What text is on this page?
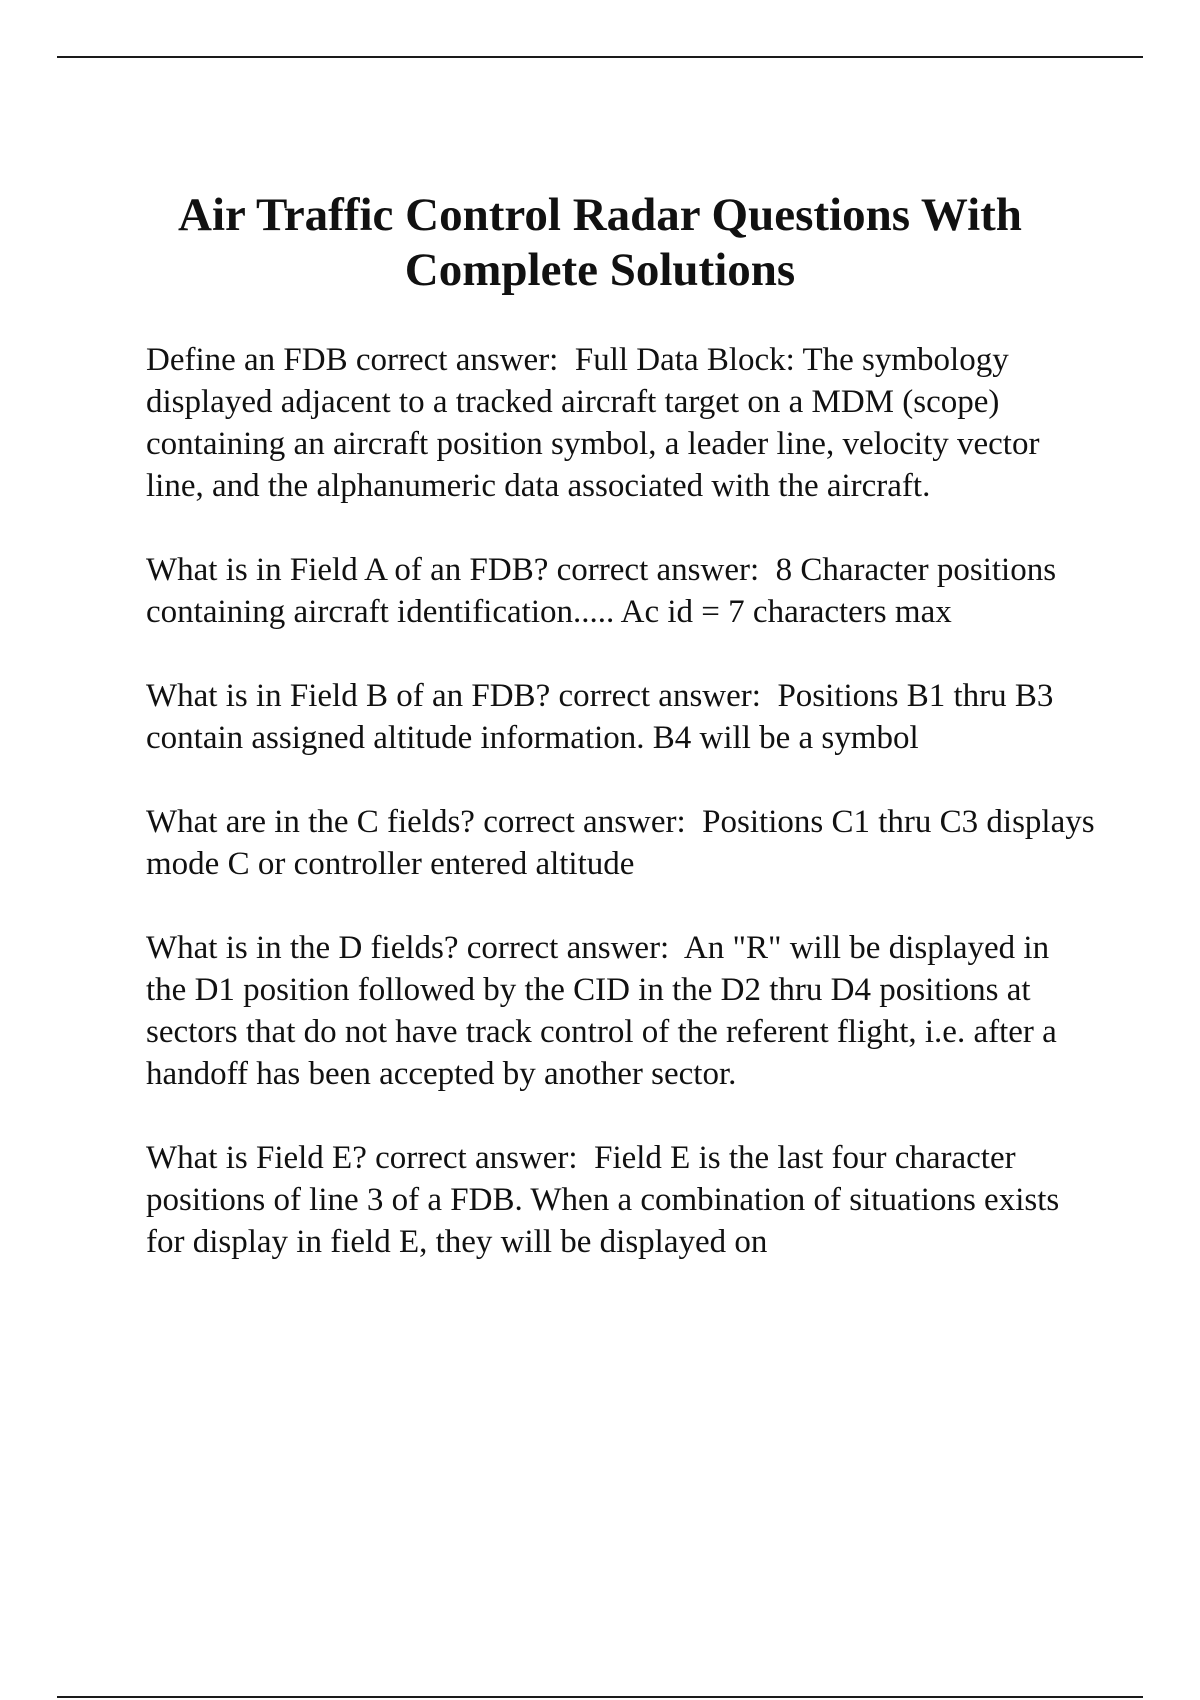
Air Traffic Control Radar Questions With Complete Solutions

Define an FDB correct answer:  Full Data Block: The symbology displayed adjacent to a tracked aircraft target on a MDM (scope) containing an aircraft position symbol, a leader line, velocity vector line, and the alphanumeric data associated with the aircraft.

What is in Field A of an FDB? correct answer:  8 Character positions containing aircraft identification..... Ac id = 7 characters max

What is in Field B of an FDB? correct answer:  Positions B1 thru B3 contain assigned altitude information. B4 will be a symbol

What are in the C fields? correct answer:  Positions C1 thru C3 displays mode C or controller entered altitude

What is in the D fields? correct answer:  An "R" will be displayed in the D1 position followed by the CID in the D2 thru D4 positions at sectors that do not have track control of the referent flight, i.e. after a handoff has been accepted by another sector.

What is Field E? correct answer:  Field E is the last four character positions of line 3 of a FDB. When a combination of situations exists for display in field E, they will be displayed on
